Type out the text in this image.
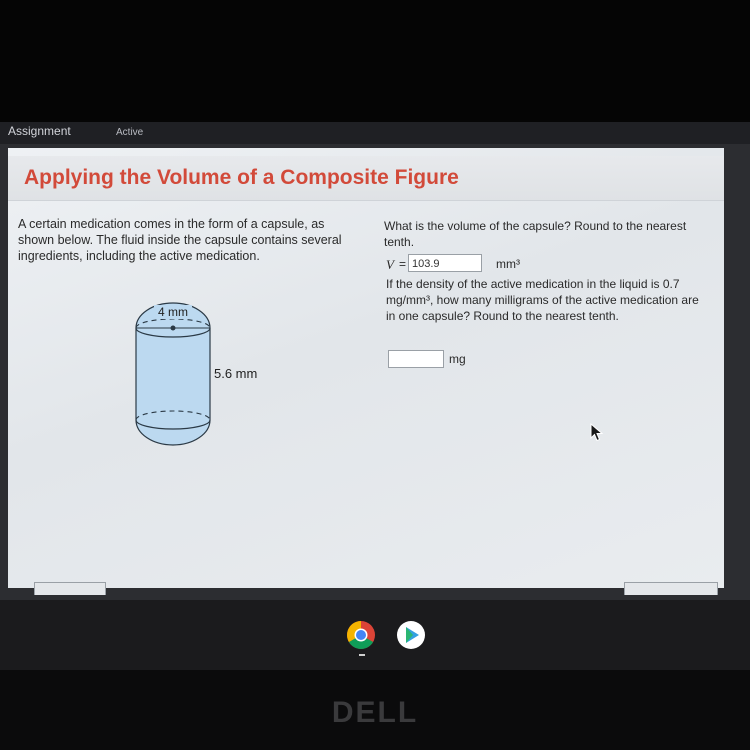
Assignment	Active
Applying the Volume of a Composite Figure
A certain medication comes in the form of a capsule, as shown below. The fluid inside the capsule contains several ingredients, including the active medication.
4 mm
5.6 mm
What is the volume of the capsule? Round to the nearest tenth.
V = 103.9	mm³
If the density of the active medication in the liquid is 0.7 mg/mm³, how many milligrams of the active medication are in one capsule? Round to the nearest tenth.
mg
DELL
